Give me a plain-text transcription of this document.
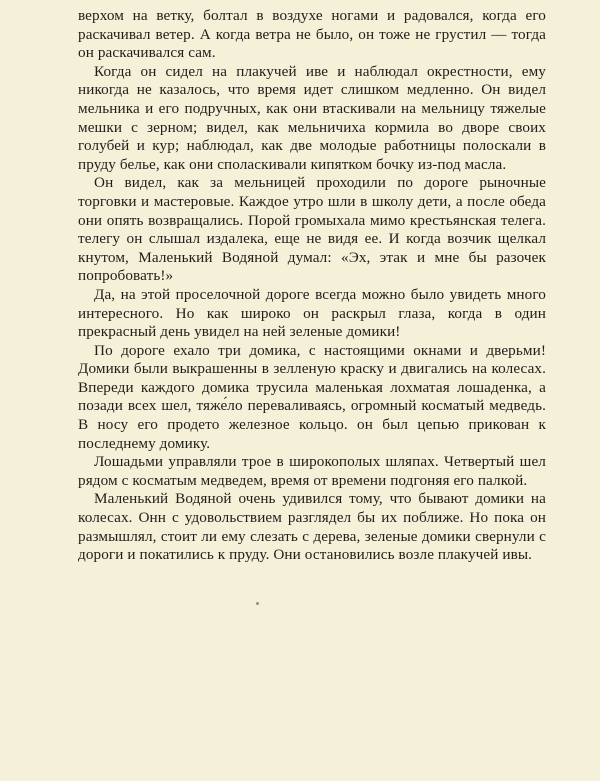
верхом на ветку, болтал в воздухе ногами и радовался, когда его раскачивал ветер. А когда ветра не было, он тоже не грустил — тогда он раскачивался сам.

Когда он сидел на плакучей иве и наблюдал окрестности, ему никогда не казалось, что время идет слишком медленно. Он видел мельника и его подручных, как они втаскивали на мельницу тяжелые мешки с зерном; видел, как мельничиха кормила во дворе своих голубей и кур; наблюдал, как две молодые работницы полоскали в пруду белье, как они споласкивали кипятком бочку из-под масла.

Он видел, как за мельницей проходили по дороге рыночные торговки и мастеровые. Каждое утро шли в школу дети, а после обеда они опять возвращались. Порой громыхала мимо крестьянская телега. телегу он слышал издалека, еще не видя ее. И когда возчик щелкал кнутом, Маленький Водяной думал: «Эх, этак и мне бы разочек попробовать!»

Да, на этой проселочной дороге всегда можно было увидеть много интересного. Но как широко он раскрыл глаза, когда в один прекрасный день увидел на ней зеленые домики!

По дороге ехало три домика, с настоящими окнами и дверьми! Домики были выкрашенны в зелленую краску и двигались на колесах. Впереди каждого домика трусила маленькая лохматая лошаденка, а позади всех шел, тяже́ло переваливаясь, огромный косматый медведь. В носу его продето железное кольцо. он был цепью прикован к последнему домику.

Лошадьми управляли трое в широкополых шляпах. Четвертый шел рядом с косматым медведем, время от времени подгоняя его палкой.

Маленький Водяной очень удивился тому, что бывают домики на колесах. Онн с удовольствием разглядел бы их поближе. Но пока он размышлял, стоит ли ему слезать с дерева, зеленые домики свернули с дороги и покатились к пруду. Они остановились возле плакучей ивы.
